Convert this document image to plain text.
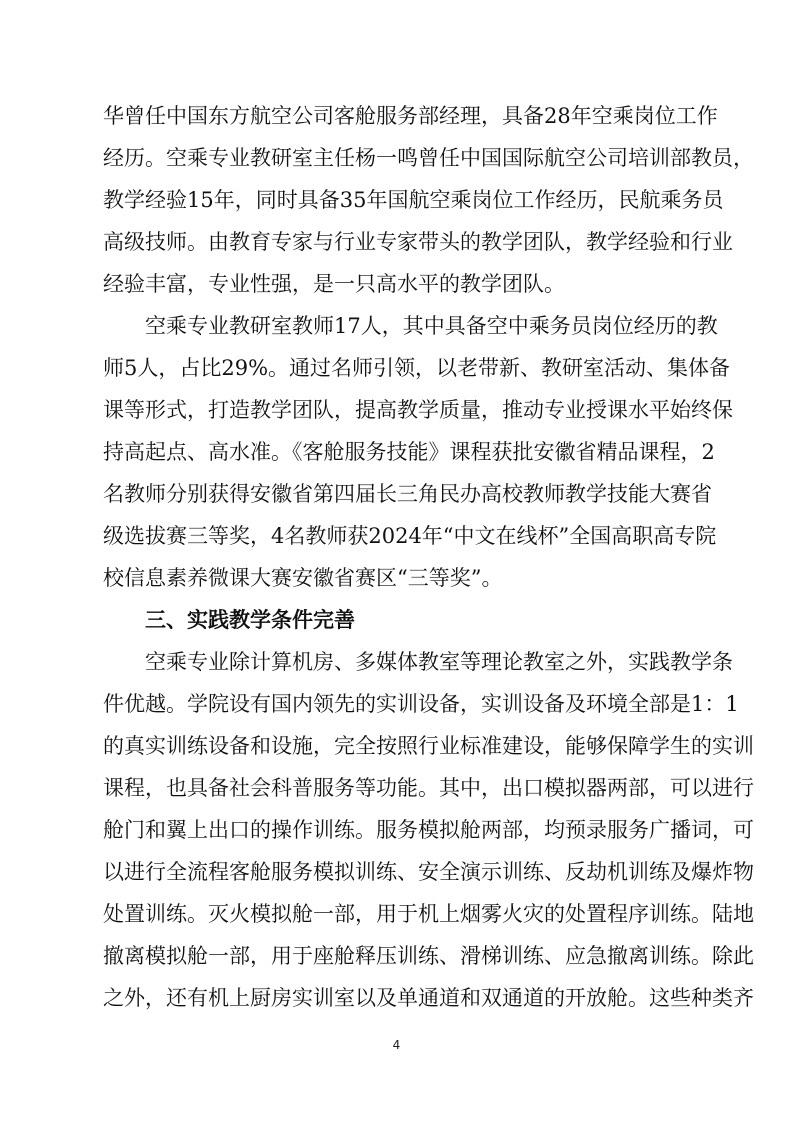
华曾任中国东方航空公司客舱服务部经理，具备28年空乘岗位工作
经历。空乘专业教研室主任杨一鸣曾任中国国际航空公司培训部教员，
教学经验15年，同时具备35年国航空乘岗位工作经历，民航乘务员
高级技师。由教育专家与行业专家带头的教学团队，教学经验和行业
经验丰富，专业性强，是一只高水平的教学团队。
空乘专业教研室教师17人，其中具备空中乘务员岗位经历的教
师5人，占比29%。通过名师引领，以老带新、教研室活动、集体备
课等形式，打造教学团队，提高教学质量，推动专业授课水平始终保
持高起点、高水准。《客舱服务技能》课程获批安徽省精品课程，2
名教师分别获得安徽省第四届长三角民办高校教师教学技能大赛省
级选拔赛三等奖，4名教师获2024年“中文在线杯”全国高职高专院
校信息素养微课大赛安徽省赛区“三等奖”。
三、实践教学条件完善
空乘专业除计算机房、多媒体教室等理论教室之外，实践教学条
件优越。学院设有国内领先的实训设备，实训设备及环境全部是1：1
的真实训练设备和设施，完全按照行业标准建设，能够保障学生的实训
课程，也具备社会科普服务等功能。其中，出口模拟器两部，可以进行
舱门和翼上出口的操作训练。服务模拟舱两部，均预录服务广播词，可
以进行全流程客舱服务模拟训练、安全演示训练、反劫机训练及爆炸物
处置训练。灭火模拟舱一部，用于机上烟雾火灾的处置程序训练。陆地
撤离模拟舱一部，用于座舱释压训练、滑梯训练、应急撤离训练。除此
之外，还有机上厨房实训室以及单通道和双通道的开放舱。这些种类齐
4
